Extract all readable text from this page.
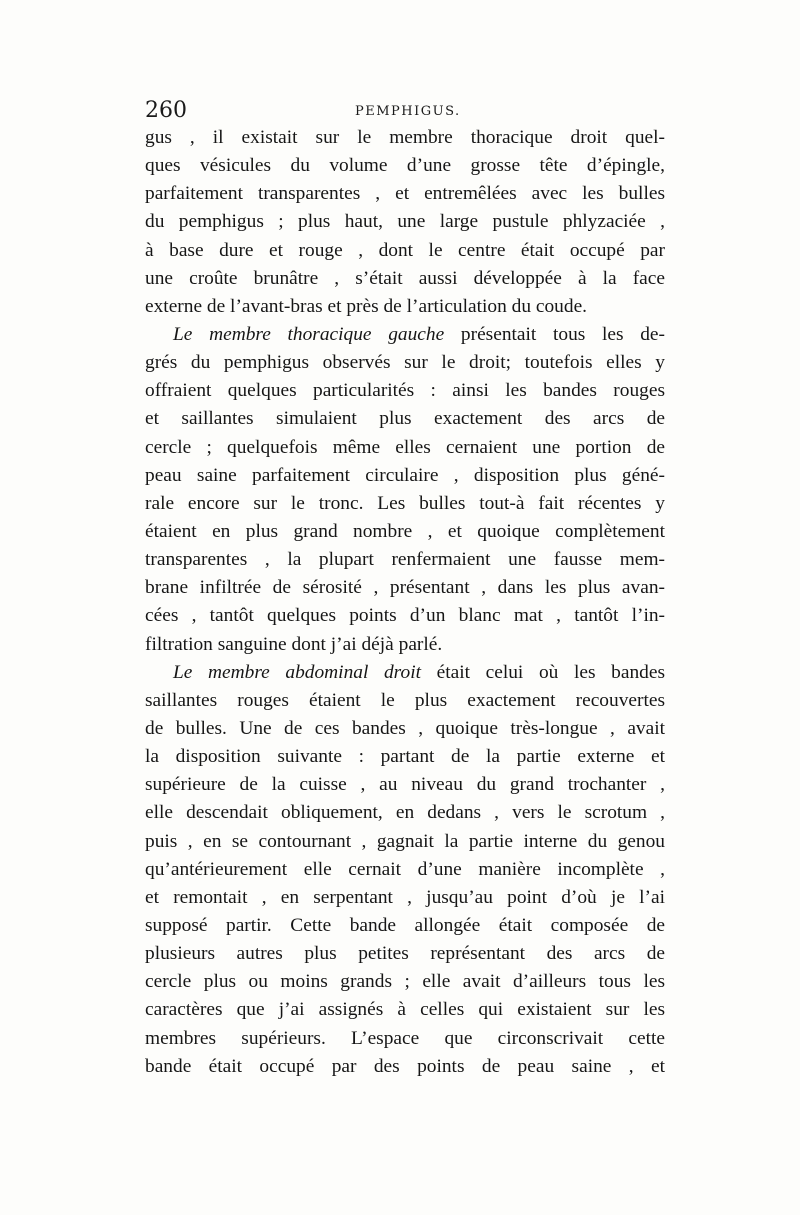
260	PEMPHIGUS.
gus , il existait sur le membre thoracique droit quel-
ques vésicules du volume d’une grosse tête d’épingle,
parfaitement transparentes , et entremêlées avec les bulles
du pemphigus ; plus haut, une large pustule phlyzaciée ,
à base dure et rouge , dont le centre était occupé par
une croûte brunâtre , s’était aussi développée à la face
externe de l’avant-bras et près de l’articulation du coude.
Le membre thoracique gauche présentait tous les de-
grés du pemphigus observés sur le droit; toutefois elles y
offraient quelques particularités : ainsi les bandes rouges
et saillantes simulaient plus exactement des arcs de
cercle ; quelquefois même elles cernaient une portion de
peau saine parfaitement circulaire , disposition plus géné-
rale encore sur le tronc. Les bulles tout-à fait récentes y
étaient en plus grand nombre , et quoique complètement
transparentes , la plupart renfermaient une fausse mem-
brane infiltrée de sérosité , présentant , dans les plus avan-
cées , tantôt quelques points d’un blanc mat , tantôt l’in-
filtration sanguine dont j’ai déjà parlé.
Le membre abdominal droit était celui où les bandes
saillantes rouges étaient le plus exactement recouvertes
de bulles. Une de ces bandes , quoique très-longue , avait
la disposition suivante : partant de la partie externe et
supérieure de la cuisse , au niveau du grand trochanter ,
elle descendait obliquement, en dedans , vers le scrotum ,
puis , en se contournant , gagnait la partie interne du genou
qu’antérieurement elle cernait d’une manière incomplète ,
et remontait , en serpentant , jusqu’au point d’où je l’ai
supposé partir. Cette bande allongée était composée de
plusieurs autres plus petites représentant des arcs de
cercle plus ou moins grands ; elle avait d’ailleurs tous les
caractères que j’ai assignés à celles qui existaient sur les
membres supérieurs. L’espace que circonscrivait cette
bande était occupé par des points de peau saine , et
